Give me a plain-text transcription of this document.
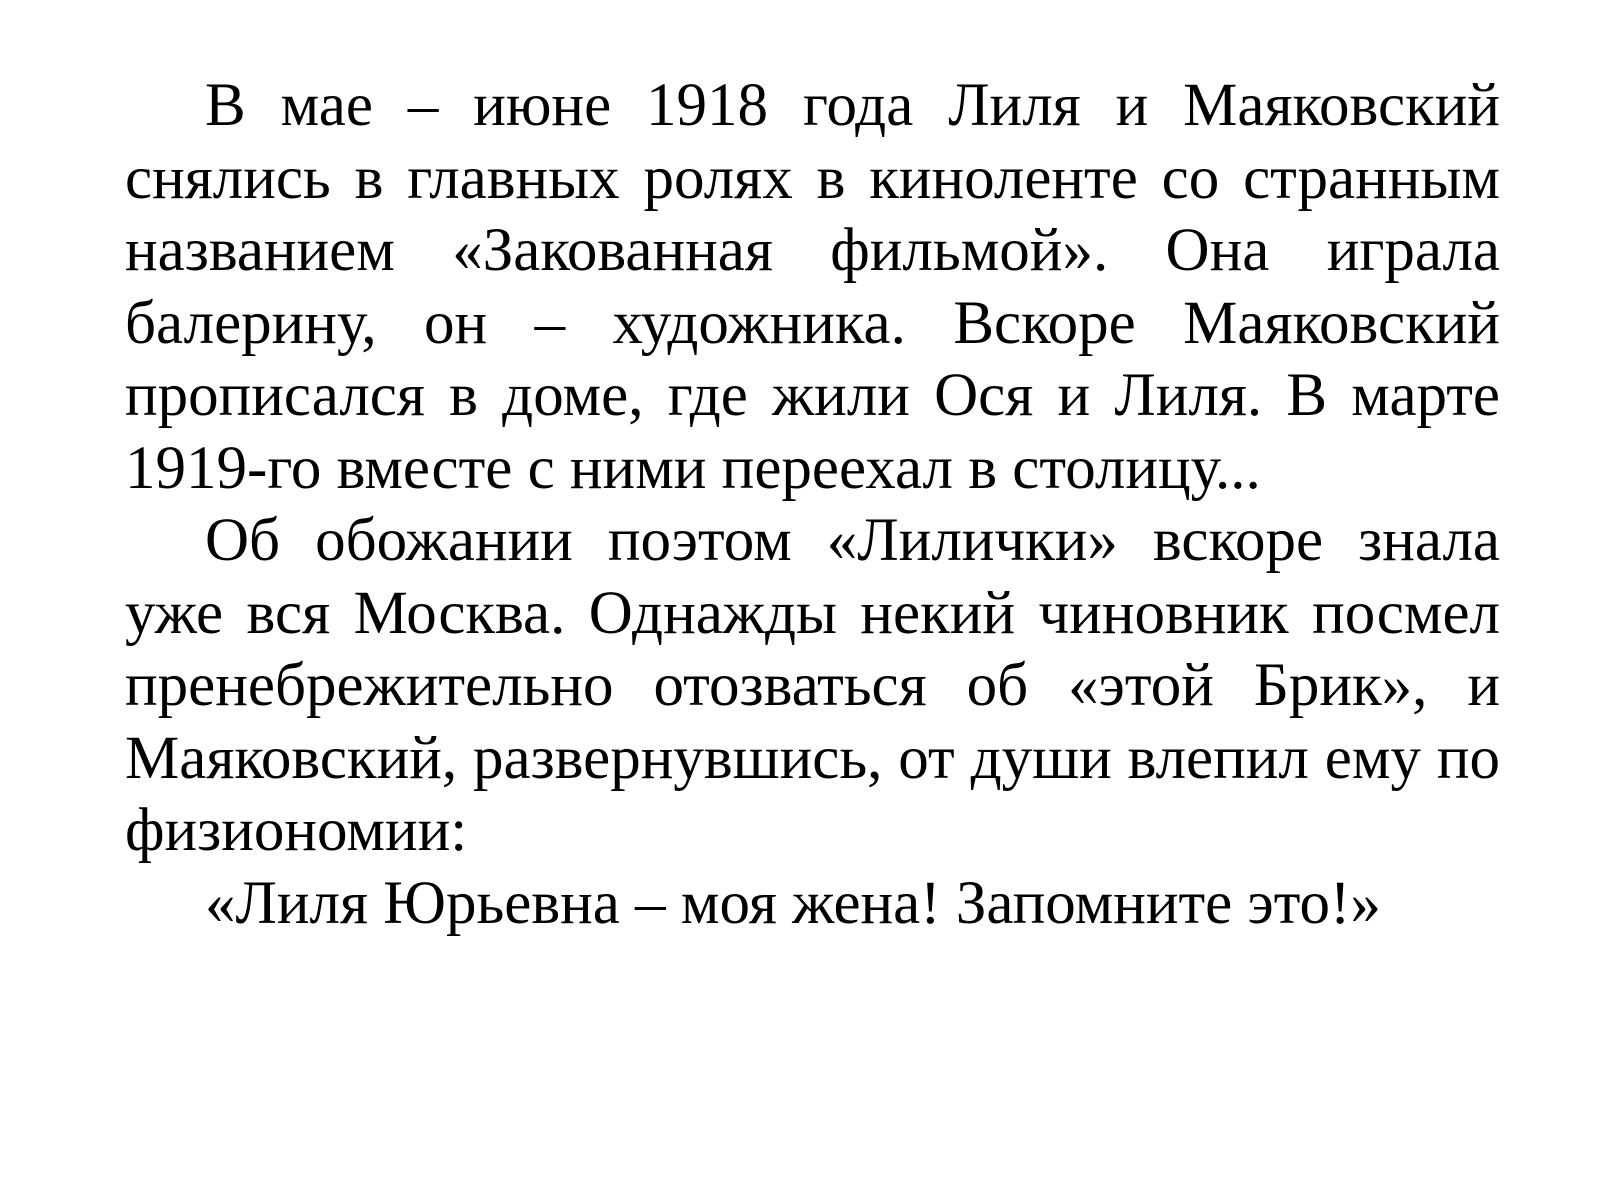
В мае – июне 1918 года Лиля и Маяковский снялись в главных ролях в киноленте со странным названием «Закованная фильмой». Она играла балерину, он – художника. Вскоре Маяковский прописался в доме, где жили Ося и Лиля. В марте 1919-го вместе с ними переехал в столицу...

Об обожании поэтом «Лилички» вскоре знала уже вся Москва. Однажды некий чиновник посмел пренебрежительно отозваться об «этой Брик», и Маяковский, развернувшись, от души влепил ему по физиономии:

«Лиля Юрьевна – моя жена! Запомните это!»
